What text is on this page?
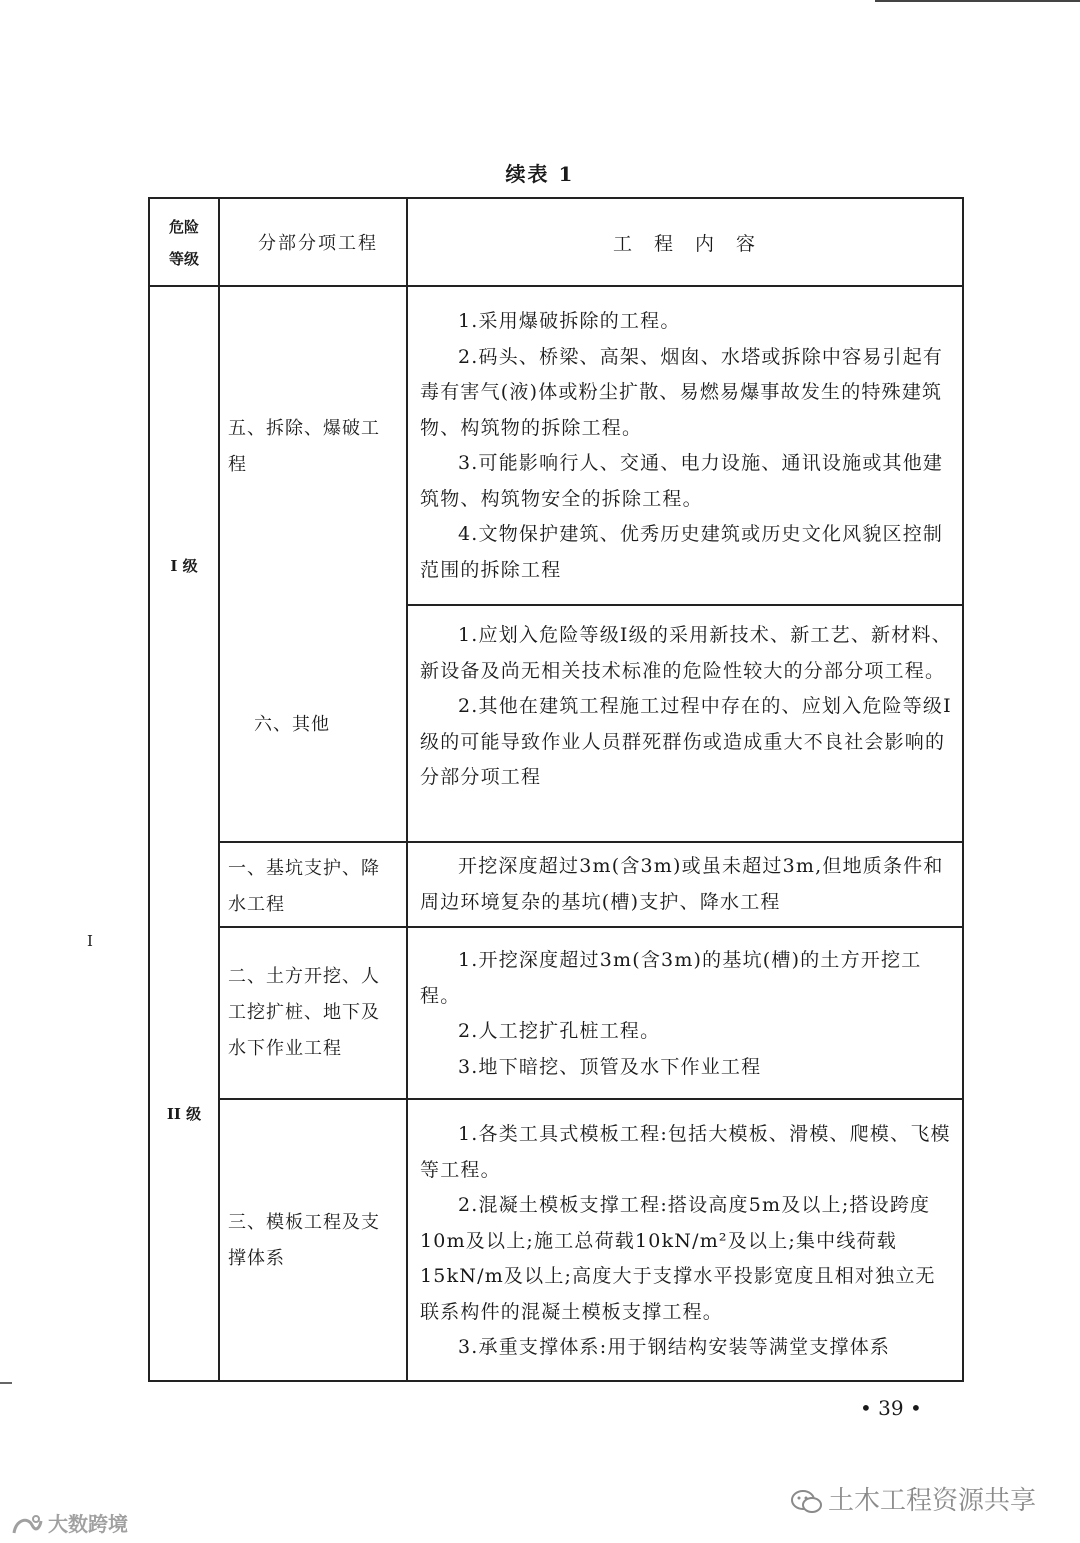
续表 1
危险等级
分部分项工程	工 程 内 容
I 级
I
II 级
五、拆除、爆破工程

1.采用爆破拆除的工程。

2.码头、桥梁、高架、烟囱、水塔或拆除中容易引起有毒有害气(液)体或粉尘扩散、易燃易爆事故发生的特殊建筑物、构筑物的拆除工程。

3.可能影响行人、交通、电力设施、通讯设施或其他建筑物、构筑物安全的拆除工程。

4.文物保护建筑、优秀历史建筑或历史文化风貌区控制范围的拆除工程

六、其他

1.应划入危险等级Ⅰ级的采用新技术、新工艺、新材料、新设备及尚无相关技术标准的危险性较大的分部分项工程。

2.其他在建筑工程施工过程中存在的、应划入危险等级Ⅰ级的可能导致作业人员群死群伤或造成重大不良社会影响的分部分项工程

一、基坑支护、降水工程

开挖深度超过3m(含3m)或虽未超过3m,但地质条件和周边环境复杂的基坑(槽)支护、降水工程

二、土方开挖、人工挖扩桩、地下及水下作业工程

1.开挖深度超过3m(含3m)的基坑(槽)的土方开挖工程。

2.人工挖扩孔桩工程。

3.地下暗挖、顶管及水下作业工程

三、模板工程及支撑体系

1.各类工具式模板工程:包括大模板、滑模、爬模、飞模等工程。

2.混凝土模板支撑工程:搭设高度5m及以上;搭设跨度10m及以上;施工总荷载10kN/m²及以上;集中线荷载15kN/m及以上;高度大于支撑水平投影宽度且相对独立无联系构件的混凝土模板支撑工程。

3.承重支撑体系:用于钢结构安装等满堂支撑体系

• 39 •
土木工程资源共享
大数跨境
